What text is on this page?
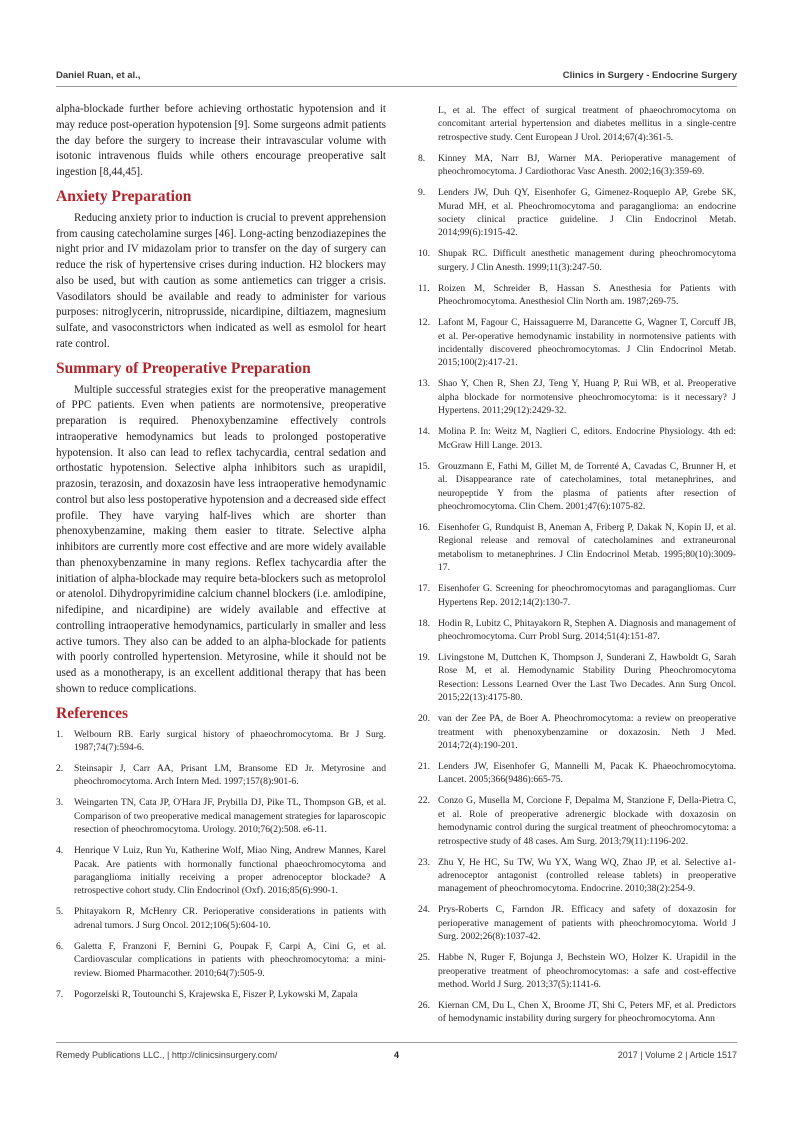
Daniel Ruan, et al.,	Clinics in Surgery - Endocrine Surgery

alpha-blockade further before achieving orthostatic hypotension and it may reduce post-operation hypotension [9]. Some surgeons admit patients the day before the surgery to increase their intravascular volume with isotonic intravenous fluids while others encourage preoperative salt ingestion [8,44,45].

Anxiety Preparation

Reducing anxiety prior to induction is crucial to prevent apprehension from causing catecholamine surges [46]. Long-acting benzodiazepines the night prior and IV midazolam prior to transfer on the day of surgery can reduce the risk of hypertensive crises during induction. H2 blockers may also be used, but with caution as some antiemetics can trigger a crisis. Vasodilators should be available and ready to administer for various purposes: nitroglycerin, nitroprusside, nicardipine, diltiazem, magnesium sulfate, and vasoconstrictors when indicated as well as esmolol for heart rate control.

Summary of Preoperative Preparation

Multiple successful strategies exist for the preoperative management of PPC patients. Even when patients are normotensive, preoperative preparation is required. Phenoxybenzamine effectively controls intraoperative hemodynamics but leads to prolonged postoperative hypotension. It also can lead to reflex tachycardia, central sedation and orthostatic hypotension. Selective alpha inhibitors such as urapidil, prazosin, terazosin, and doxazosin have less intraoperative hemodynamic control but also less postoperative hypotension and a decreased side effect profile. They have varying half-lives which are shorter than phenoxybenzamine, making them easier to titrate. Selective alpha inhibitors are currently more cost effective and are more widely available than phenoxybenzamine in many regions. Reflex tachycardia after the initiation of alpha-blockade may require beta-blockers such as metoprolol or atenolol. Dihydropyrimidine calcium channel blockers (i.e. amlodipine, nifedipine, and nicardipine) are widely available and effective at controlling intraoperative hemodynamics, particularly in smaller and less active tumors. They also can be added to an alpha-blockade for patients with poorly controlled hypertension. Metyrosine, while it should not be used as a monotherapy, is an excellent additional therapy that has been shown to reduce complications.

References
1.	Welbourn RB. Early surgical history of phaeochromocytoma. Br J Surg. 1987;74(7):594-6.
2.	Steinsapir J, Carr AA, Prisant LM, Bransome ED Jr. Metyrosine and pheochromocytoma. Arch Intern Med. 1997;157(8):901-6.
3.	Weingarten TN, Cata JP, O'Hara JF, Prybilla DJ, Pike TL, Thompson GB, et al. Comparison of two preoperative medical management strategies for laparoscopic resection of pheochromocytoma. Urology. 2010;76(2):508. e6-11.
4.	Henrique V Luiz, Run Yu, Katherine Wolf, Miao Ning, Andrew Mannes, Karel Pacak. Are patients with hormonally functional phaeochromocytoma and paraganglioma initially receiving a proper adrenoceptor blockade? A retrospective cohort study. Clin Endocrinol (Oxf). 2016;85(6):990-1.
5.	Phitayakorn R, McHenry CR. Perioperative considerations in patients with adrenal tumors. J Surg Oncol. 2012;106(5):604-10.
6.	Galetta F, Franzoni F, Bernini G, Poupak F, Carpi A, Cini G, et al. Cardiovascular complications in patients with pheochromocytoma: a mini-review. Biomed Pharmacother. 2010;64(7):505-9.
7.	Pogorzelski R, Toutounchi S, Krajewska E, Fiszer P, Lykowski M, Zapala
L, et al. The effect of surgical treatment of phaeochromocytoma on concomitant arterial hypertension and diabetes mellitus in a single-centre retrospective study. Cent European J Urol. 2014;67(4):361-5.
8.	Kinney MA, Narr BJ, Warner MA. Perioperative management of pheochromocytoma. J Cardiothorac Vasc Anesth. 2002;16(3):359-69.
9.	Lenders JW, Duh QY, Eisenhofer G, Gimenez-Roqueplo AP, Grebe SK, Murad MH, et al. Pheochromocytoma and paraganglioma: an endocrine society clinical practice guideline. J Clin Endocrinol Metab. 2014;99(6):1915-42.
10. Shupak RC. Difficult anesthetic management during pheochromocytoma surgery. J Clin Anesth. 1999;11(3):247-50.
11. Roizen M, Schreider B, Hassan S. Anesthesia for Patients with Pheochromocytoma. Anesthesiol Clin North am. 1987;269-75.
12. Lafont M, Fagour C, Haissaguerre M, Darancette G, Wagner T, Corcuff JB, et al. Per-operative hemodynamic instability in normotensive patients with incidentally discovered pheochromocytomas. J Clin Endocrinol Metab. 2015;100(2):417-21.
13. Shao Y, Chen R, Shen ZJ, Teng Y, Huang P, Rui WB, et al. Preoperative alpha blockade for normotensive pheochromocytoma: is it necessary? J Hypertens. 2011;29(12):2429-32.
14. Molina P. In: Weitz M, Naglieri C, editors. Endocrine Physiology. 4th ed: McGraw Hill Lange. 2013.
15. Grouzmann E, Fathi M, Gillet M, de Torrenté A, Cavadas C, Brunner H, et al. Disappearance rate of catecholamines, total metanephrines, and neuropeptide Y from the plasma of patients after resection of pheochromocytoma. Clin Chem. 2001;47(6):1075-82.
16. Eisenhofer G, Rundquist B, Aneman A, Friberg P, Dakak N, Kopin IJ, et al. Regional release and removal of catecholamines and extraneuronal metabolism to metanephrines. J Clin Endocrinol Metab. 1995;80(10):3009-17.
17. Eisenhofer G. Screening for pheochromocytomas and paragangliomas. Curr Hypertens Rep. 2012;14(2):130-7.
18. Hodin R, Lubitz C, Phitayakorn R, Stephen A. Diagnosis and management of pheochromocytoma. Curr Probl Surg. 2014;51(4):151-87.
19. Livingstone M, Duttchen K, Thompson J, Sunderani Z, Hawboldt G, Sarah Rose M, et al. Hemodynamic Stability During Pheochromocytoma Resection: Lessons Learned Over the Last Two Decades. Ann Surg Oncol. 2015;22(13):4175-80.
20. van der Zee PA, de Boer A. Pheochromocytoma: a review on preoperative treatment with phenoxybenzamine or doxazosin. Neth J Med. 2014;72(4):190-201.
21. Lenders JW, Eisenhofer G, Mannelli M, Pacak K. Phaeochromocytoma. Lancet. 2005;366(9486):665-75.
22. Conzo G, Musella M, Corcione F, Depalma M, Stanzione F, Della-Pietra C, et al. Role of preoperative adrenergic blockade with doxazosin on hemodynamic control during the surgical treatment of pheochromocytoma: a retrospective study of 48 cases. Am Surg. 2013;79(11):1196-202.
23. Zhu Y, He HC, Su TW, Wu YX, Wang WQ, Zhao JP, et al. Selective a1-adrenoceptor antagonist (controlled release tablets) in preoperative management of pheochromocytoma. Endocrine. 2010;38(2):254-9.
24. Prys-Roberts C, Farndon JR. Efficacy and safety of doxazosin for perioperative management of patients with pheochromocytoma. World J Surg. 2002;26(8):1037-42.
25. Habbe N, Ruger F, Bojunga J, Bechstein WO, Holzer K. Urapidil in the preoperative treatment of pheochromocytomas: a safe and cost-effective method. World J Surg. 2013;37(5):1141-6.
26. Kiernan CM, Du L, Chen X, Broome JT, Shi C, Peters MF, et al. Predictors of hemodynamic instability during surgery for pheochromocytoma. Ann
Remedy Publications LLC., | http://clinicsinsurgery.com/	4	2017 | Volume 2 | Article 1517
